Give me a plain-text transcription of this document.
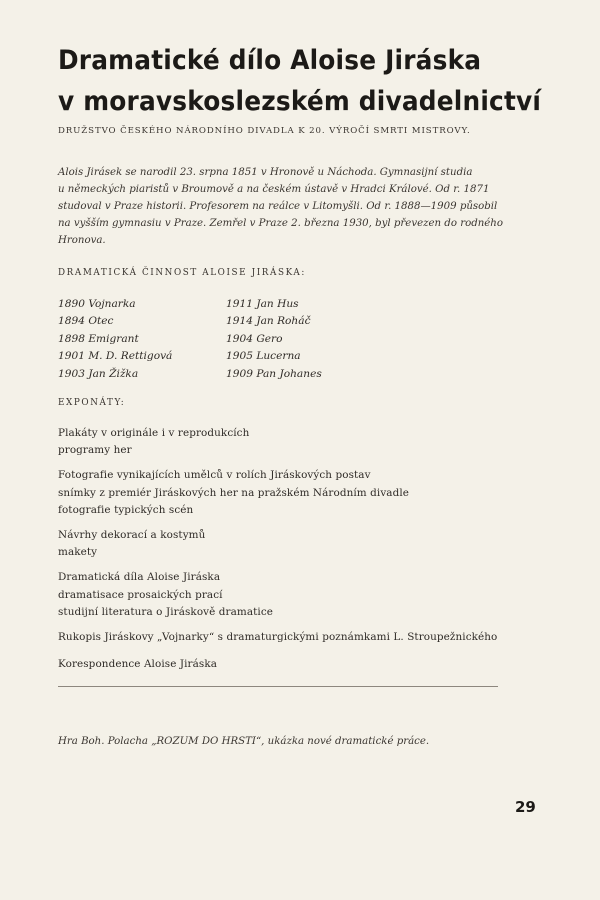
Dramatické dílo Aloise Jiráska
v moravskoslezském divadelnictví
DRUŽSTVO ČESKÉHO NÁRODNÍHO DIVADLA K 20. VÝROČÍ SMRTI MISTROVY.
Alois Jirásek se narodil 23. srpna 1851 v Hronově u Náchoda. Gymnasijní studia
u německých piaristů v Broumově a na českém ústavě v Hradci Králové. Od r. 1871
studoval v Praze historii. Profesorem na reálce v Litomyšli. Od r. 1888—1909 působil
na vyšším gymnasiu v Praze. Zemřel v Praze 2. března 1930, byl převezen do rodného
Hronova.
DRAMATICKÁ ČINNOST ALOISE JIRÁSKA:
1890 Vojnarka
1894 Otec
1898 Emigrant
1901 M. D. Rettigová
1903 Jan Žižka
1911 Jan Hus
1914 Jan Roháč
1904 Gero
1905 Lucerna
1909 Pan Johanes
EXPONÁTY:
Plakáty v originále i v reprodukcích
programy her
Fotografie vynikajících umělců v rolích Jiráskových postav
snímky z premiér Jiráskových her na pražském Národním divadle
fotografie typických scén
Návrhy dekorací a kostymů
makety
Dramatická díla Aloise Jiráska
dramatisace prosaických prací
studijní literatura o Jiráskově dramatice
Rukopis Jiráskovy „Vojnarky“ s dramaturgickými poznámkami L. Stroupežnického
Korespondence Aloise Jiráska
Hra Boh. Polacha „ROZUM DO HRSTI“, ukázka nové dramatické práce.
29
